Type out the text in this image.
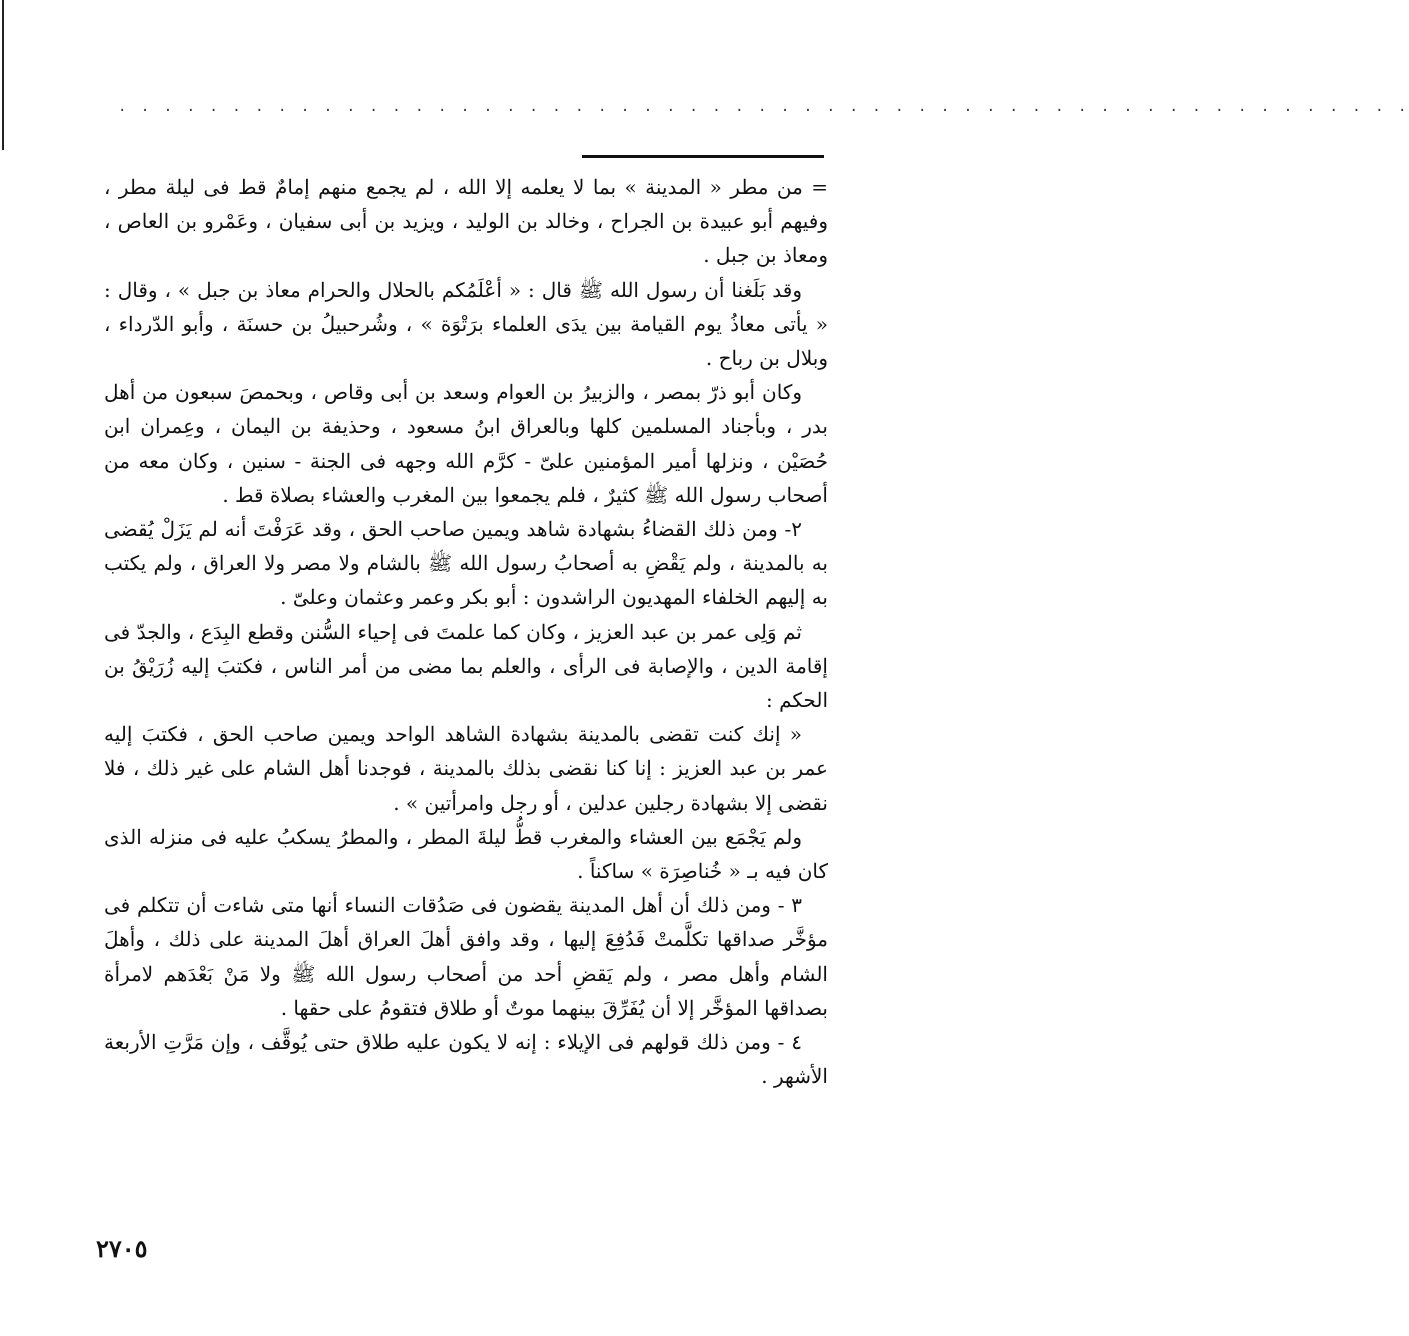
. . . . . . . . . . . . . . . . . . . . . . . . . . . . . . . . . . . . . . . . . . . . . . . . . . . . . . . . .

= من مطر « المدينة » بما لا يعلمه إلا الله ، لم يجمع منهم إمامٌ قط فى ليلة مطر ، وفيهم أبو عبيدة بن الجراح ، وخالد بن الوليد ، ويزيد بن أبى سفيان ، وعَمْرو بن العاص ، ومعاذ بن جبل .

وقد بَلَغنا أن رسول الله ﷺ قال : « أعْلَمُكم بالحلال والحرام معاذ بن جبل » ، وقال : « يأتى معاذُ يوم القيامة بين يدَى العلماء برَتْوَة » ، وشُرحبيلُ بن حسنَة ، وأبو الدّرداء ، وبلال بن رباح .

وكان أبو ذرّ بمصر ، والزبيرُ بن العوام وسعد بن أبى وقاص ، وبحمصَ سبعون من أهل بدر ، وبأجناد المسلمين كلها وبالعراق ابنُ مسعود ، وحذيفة بن اليمان ، وعِمران ابن حُصَيْن ، ونزلها أمير المؤمنين علىّ - كرَّم الله وجهه فى الجنة - سنين ، وكان معه من أصحاب رسول الله ﷺ كثيرٌ ، فلم يجمعوا بين المغرب والعشاء بصلاة قط .

٢- ومن ذلك القضاءُ بشهادة شاهد ويمين صاحب الحق ، وقد عَرَفْتَ أنه لم يَزَلْ يُقضى به بالمدينة ، ولم يَقْضِ به أصحابُ رسول الله ﷺ بالشام ولا مصر ولا العراق ، ولم يكتب به إليهم الخلفاء المهديون الراشدون : أبو بكر وعمر وعثمان وعلىّ .

ثم وَلِى عمر بن عبد العزيز ، وكان كما علمتَ فى إحياء السُّنن وقطع البِدَع ، والجدّ فى إقامة الدين ، والإصابة فى الرأى ، والعلم بما مضى من أمر الناس ، فكتبَ إليه زُرَيْقُ بن الحكم :

« إنك كنت تقضى بالمدينة بشهادة الشاهد الواحد ويمين صاحب الحق ، فكتبَ إليه عمر بن عبد العزيز : إنا كنا نقضى بذلك بالمدينة ، فوجدنا أهل الشام على غير ذلك ، فلا نقضى إلا بشهادة رجلين عدلين ، أو رجل وامرأتين » .

ولم يَجْمَع بين العشاء والمغرب قطُّ ليلةَ المطر ، والمطرُ يسكبُ عليه فى منزله الذى كان فيه بـ « خُناصِرَة » ساكناً .

٣ - ومن ذلك أن أهل المدينة يقضون فى صَدُقات النساء أنها متى شاءت أن تتكلم فى مؤخَّر صداقها تكلَّمتْ فَدُفِعَ إليها ، وقد وافق أهلَ العراق أهلَ المدينة على ذلك ، وأهلَ الشام وأهل مصر ، ولم يَقضِ أحد من أصحاب رسول الله ﷺ ولا مَنْ بَعْدَهم لامرأة بصداقها المؤخَّر إلا أن يُفَرِّقَ بينهما موتٌ أو طلاق فتقومُ على حقها .

٤ - ومن ذلك قولهم فى الإيلاء : إنه لا يكون عليه طلاق حتى يُوقَّف ، وإن مَرَّتِ الأربعة الأشهر .

٢٧٠٥
